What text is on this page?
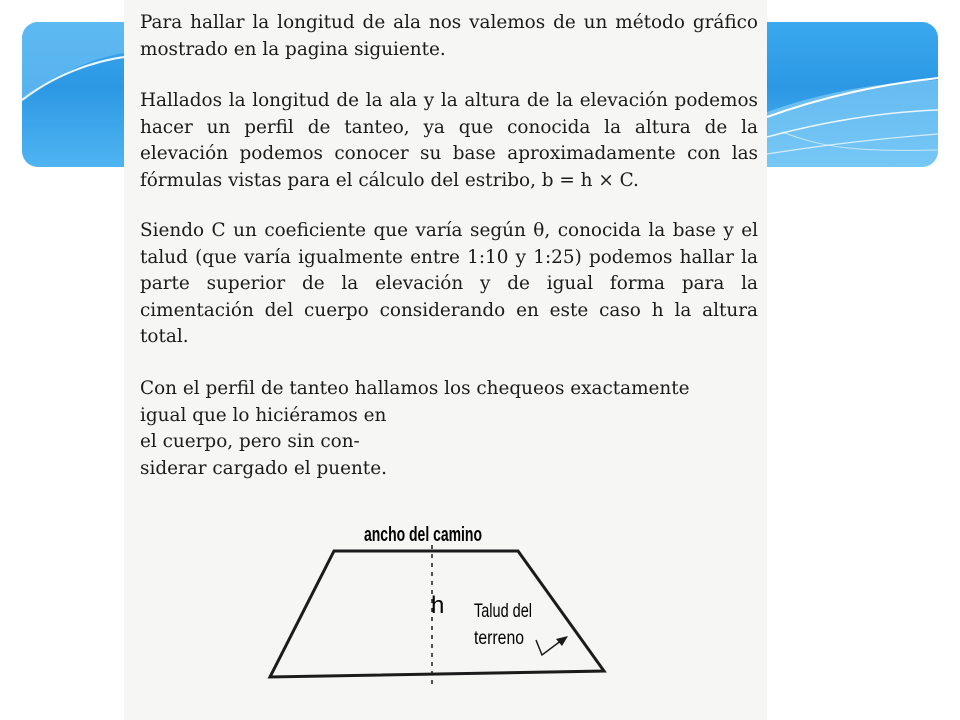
Para hallar la longitud de ala nos valemos de un método gráfico mostrado en la pagina siguiente.

Hallados la longitud de la ala y la altura de la elevación podemos hacer un perfil de tanteo, ya que conocida la altura de la elevación podemos conocer su base aproximadamente con las fórmulas vistas para el cálculo del estribo, b = h × C.

Siendo C un coeficiente que varía según θ, conocida la base y el talud (que varía igualmente entre 1:10 y 1:25) podemos hallar la parte superior de la elevación y de igual forma para la cimentación del cuerpo considerando en este caso h la altura total.

Con el perfil de tanteo hallamos los chequeos exactamente
igual que lo hiciéramos en
el cuerpo, pero sin con-
siderar cargado el puente.

ancho del camino
h Talud del
terreno
